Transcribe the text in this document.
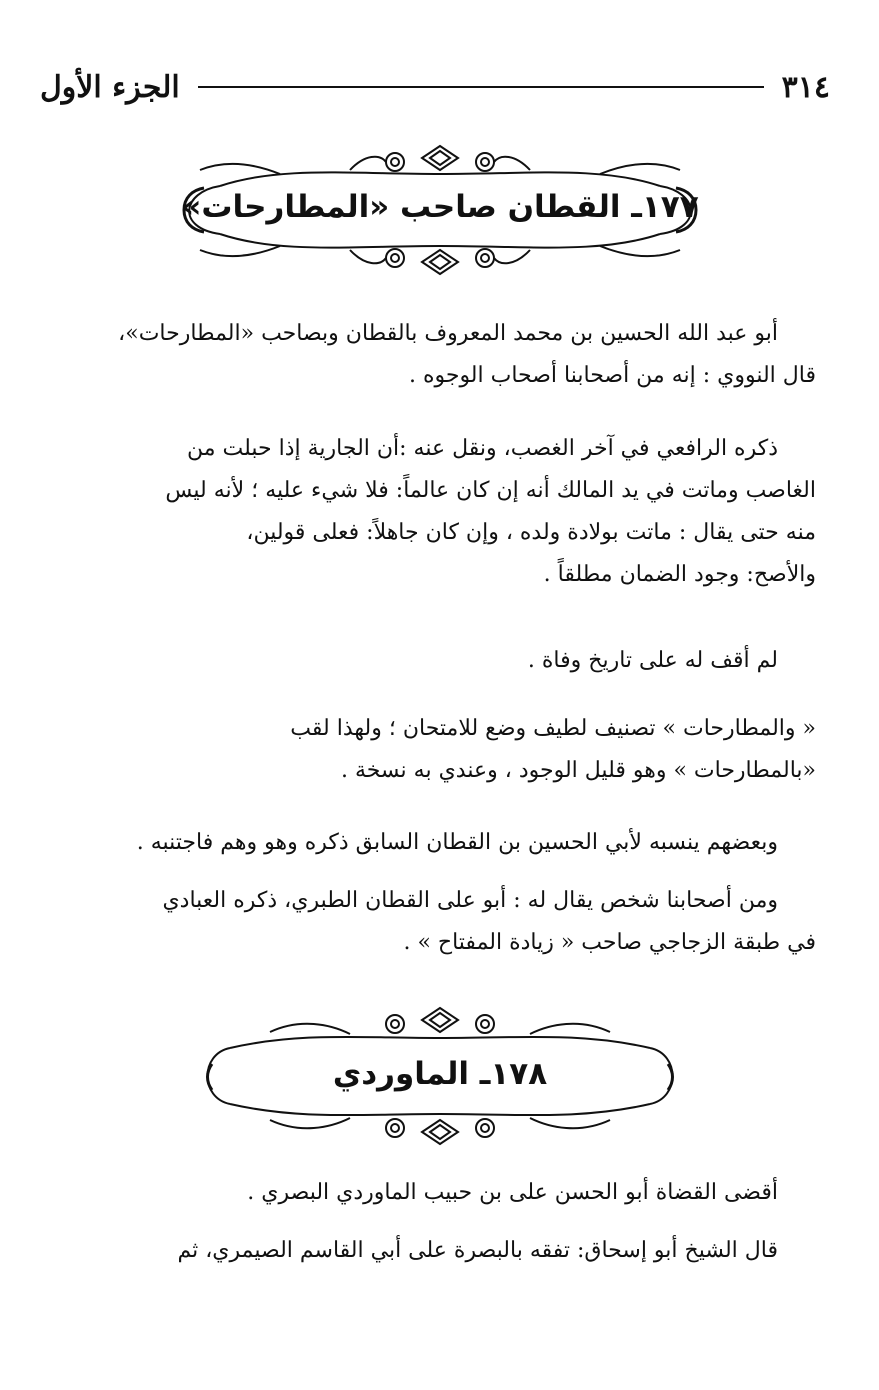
٣١٤
الجزء الأول
١٧٧ـ القطان صاحب «المطارحات»
أبو عبد الله الحسين بن محمد المعروف بالقطان وبصاحب «المطارحات»،
قال النووي : إنه من أصحابنا أصحاب الوجوه .
ذكره الرافعي في آخر الغصب، ونقل عنه :أن الجارية إذا حبلت من
الغاصب وماتت في يد المالك أنه إن كان عالماً: فلا شيء عليه ؛ لأنه ليس
منه حتى يقال : ماتت بولادة ولده ، وإن كان جاهلاً: فعلى قولين،
والأصح: وجود الضمان مطلقاً .
لم أقف له على تاريخ وفاة .
« والمطارحات » تصنيف لطيف وضع للامتحان ؛ ولهذا لقب
«بالمطارحات » وهو قليل الوجود ، وعندي به نسخة .
وبعضهم ينسبه لأبي الحسين بن القطان السابق ذكره وهو وهم فاجتنبه .
ومن أصحابنا شخص يقال له : أبو على القطان الطبري، ذكره العبادي
في طبقة الزجاجي صاحب « زيادة المفتاح » .
١٧٨ـ الماوردي
أقضى القضاة أبو الحسن على بن حبيب الماوردي البصري .
قال الشيخ أبو إسحاق: تفقه بالبصرة على أبي القاسم الصيمري، ثم
